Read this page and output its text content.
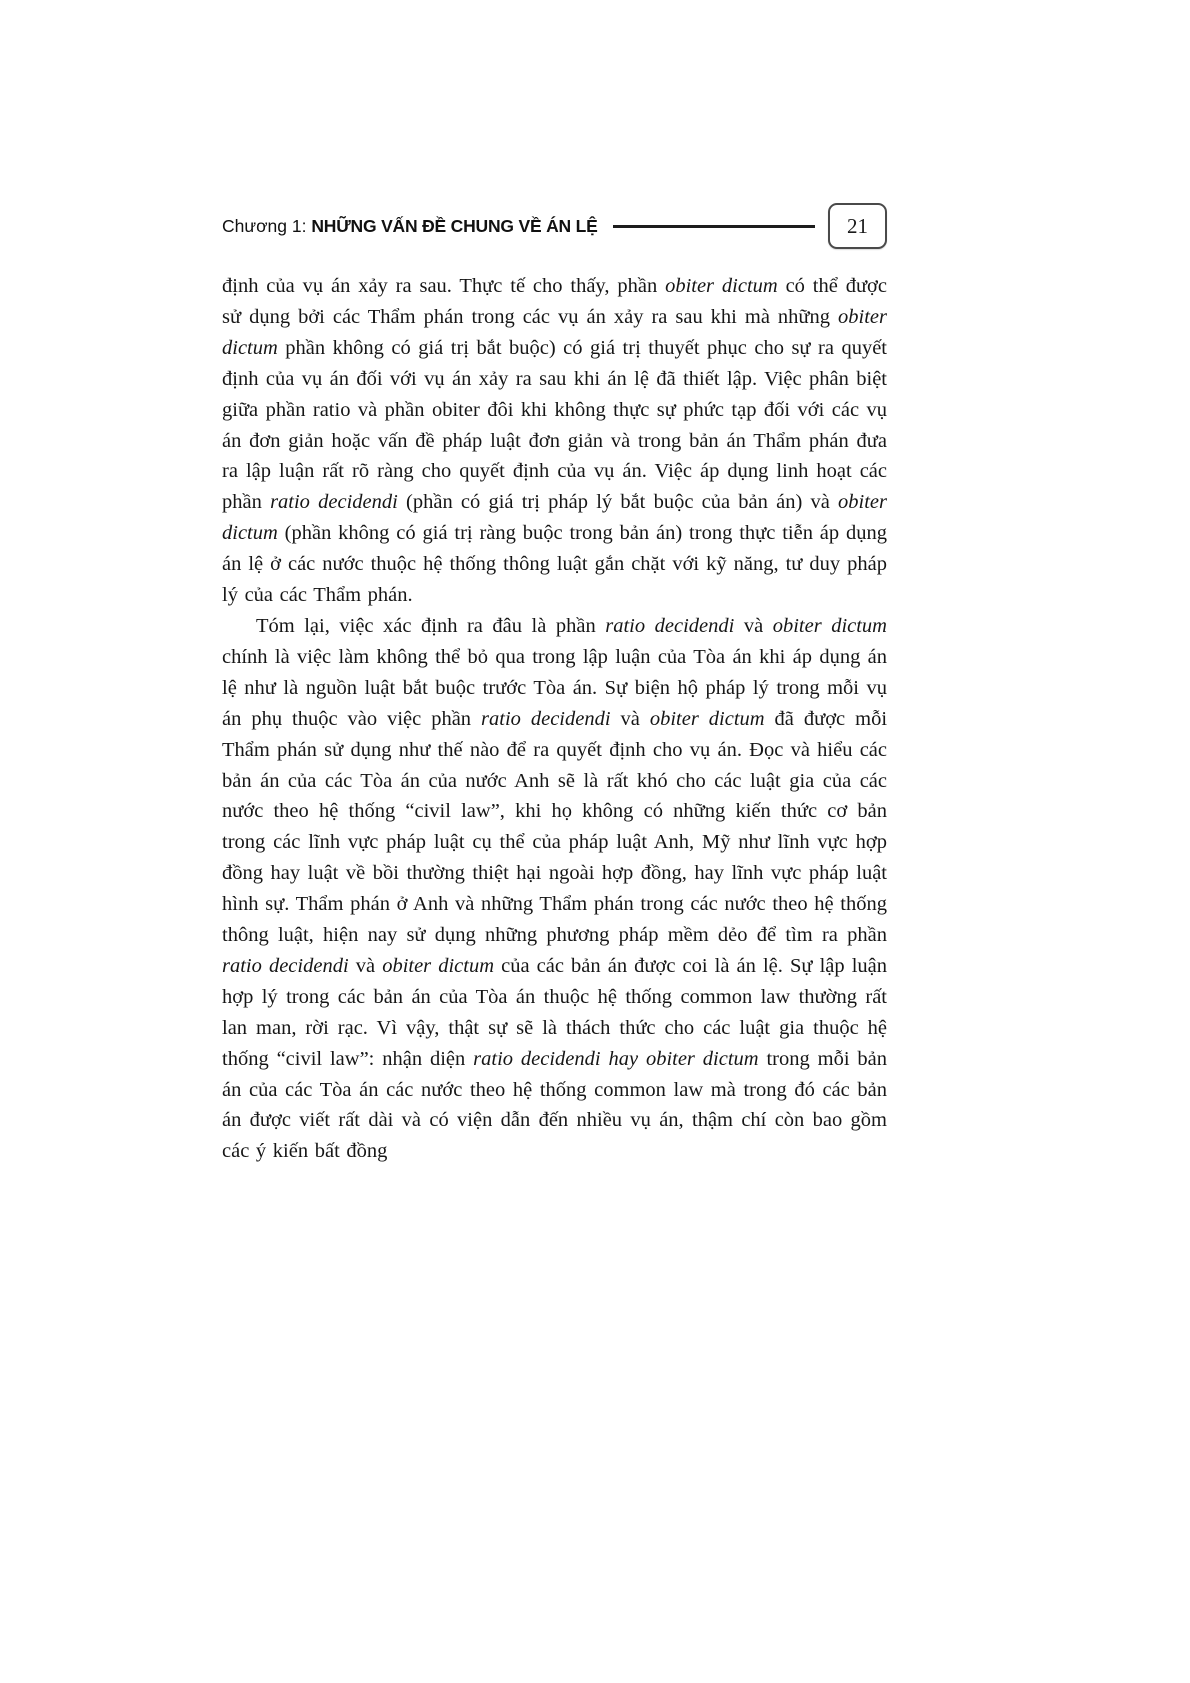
Chương 1: NHỮNG VẤN ĐỀ CHUNG VỀ ÁN LỆ	21

định của vụ án xảy ra sau. Thực tế cho thấy, phần obiter dictum có thể được sử dụng bởi các Thẩm phán trong các vụ án xảy ra sau khi mà những obiter dictum phần không có giá trị bắt buộc) có giá trị thuyết phục cho sự ra quyết định của vụ án đối với vụ án xảy ra sau khi án lệ đã thiết lập. Việc phân biệt giữa phần ratio và phần obiter đôi khi không thực sự phức tạp đối với các vụ án đơn giản hoặc vấn đề pháp luật đơn giản và trong bản án Thẩm phán đưa ra lập luận rất rõ ràng cho quyết định của vụ án. Việc áp dụng linh hoạt các phần ratio decidendi (phần có giá trị pháp lý bắt buộc của bản án) và obiter dictum (phần không có giá trị ràng buộc trong bản án) trong thực tiễn áp dụng án lệ ở các nước thuộc hệ thống thông luật gắn chặt với kỹ năng, tư duy pháp lý của các Thẩm phán.

Tóm lại, việc xác định ra đâu là phần ratio decidendi và obiter dictum chính là việc làm không thể bỏ qua trong lập luận của Tòa án khi áp dụng án lệ như là nguồn luật bắt buộc trước Tòa án. Sự biện hộ pháp lý trong mỗi vụ án phụ thuộc vào việc phần ratio decidendi và obiter dictum đã được mỗi Thẩm phán sử dụng như thế nào để ra quyết định cho vụ án. Đọc và hiểu các bản án của các Tòa án của nước Anh sẽ là rất khó cho các luật gia của các nước theo hệ thống “civil law”, khi họ không có những kiến thức cơ bản trong các lĩnh vực pháp luật cụ thể của pháp luật Anh, Mỹ như lĩnh vực hợp đồng hay luật về bồi thường thiệt hại ngoài hợp đồng, hay lĩnh vực pháp luật hình sự. Thẩm phán ở Anh và những Thẩm phán trong các nước theo hệ thống thông luật, hiện nay sử dụng những phương pháp mềm dẻo để tìm ra phần ratio decidendi và obiter dictum của các bản án được coi là án lệ. Sự lập luận hợp lý trong các bản án của Tòa án thuộc hệ thống common law thường rất lan man, rời rạc. Vì vậy, thật sự sẽ là thách thức cho các luật gia thuộc hệ thống “civil law”: nhận diện ratio decidendi hay obiter dictum trong mỗi bản án của các Tòa án các nước theo hệ thống common law mà trong đó các bản án được viết rất dài và có viện dẫn đến nhiều vụ án, thậm chí còn bao gồm các ý kiến bất đồng
